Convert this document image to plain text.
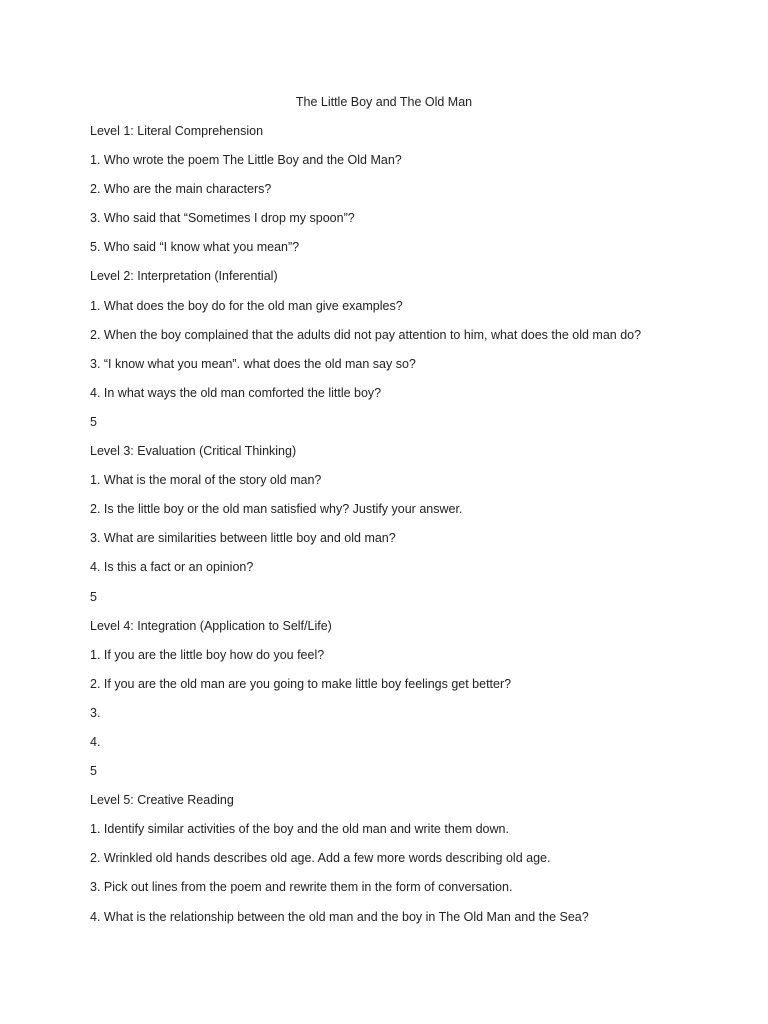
The Little Boy and The Old Man
Level 1: Literal Comprehension
1. Who wrote the poem The Little Boy and the Old Man?
2. Who are the main characters?
3. Who said that “Sometimes I drop my spoon”?
5. Who said “I know what you mean”?
Level 2: Interpretation (Inferential)
1. What does the boy do for the old man give examples?
2. When the boy complained that the adults did not pay attention to him, what does the old man do?
3. “I know what you mean”. what does the old man say so?
4. In what ways the old man comforted the little boy?
5
Level 3: Evaluation (Critical Thinking)
1. What is the moral of the story old man?
2. Is the little boy or the old man satisfied why? Justify your answer.
3. What are similarities between little boy and old man?
4. Is this a fact or an opinion?
5
Level 4: Integration (Application to Self/Life)
1. If you are the little boy how do you feel?
2. If you are the old man are you going to make little boy feelings get better?
3.
4.
5
Level 5: Creative Reading
1. Identify similar activities of the boy and the old man and write them down.
2. Wrinkled old hands describes old age. Add a few more words describing old age.
3. Pick out lines from the poem and rewrite them in the form of conversation.
4. What is the relationship between the old man and the boy in The Old Man and the Sea?
